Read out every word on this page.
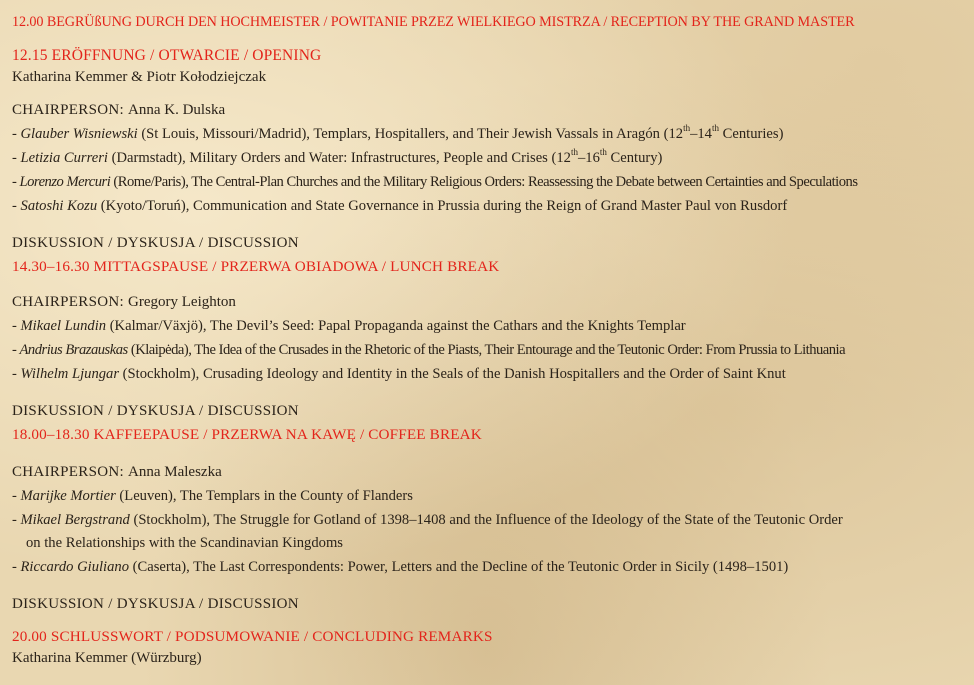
12.00 BEGRÜßUNG DURCH DEN HOCHMEISTER / POWITANIE PRZEZ WIELKIEGO MISTRZA / RECEPTION BY THE GRAND MASTER
12.15 ERÖFFNUNG / OTWARCIE / OPENING
Katharina Kemmer & Piotr Kołodziejczak
CHAIRPERSON: Anna K. Dulska
- Glauber Wisniewski (St Louis, Missouri/Madrid), Templars, Hospitallers, and Their Jewish Vassals in Aragón (12th–14th Centuries)
- Letizia Curreri (Darmstadt), Military Orders and Water: Infrastructures, People and Crises (12th–16th Century)
- Lorenzo Mercuri (Rome/Paris), The Central-Plan Churches and the Military Religious Orders: Reassessing the Debate between Certainties and Speculations
- Satoshi Kozu (Kyoto/Toruń), Communication and State Governance in Prussia during the Reign of Grand Master Paul von Rusdorf
DISKUSSION / DYSKUSJA / DISCUSSION
14.30–16.30 MITTAGSPAUSE / PRZERWA OBIADOWA / LUNCH BREAK
CHAIRPERSON: Gregory Leighton
- Mikael Lundin (Kalmar/Växjö), The Devil’s Seed: Papal Propaganda against the Cathars and the Knights Templar
- Andrius Brazauskas (Klaipėda), The Idea of the Crusades in the Rhetoric of the Piasts, Their Entourage and the Teutonic Order: From Prussia to Lithuania
- Wilhelm Ljungar (Stockholm), Crusading Ideology and Identity in the Seals of the Danish Hospitallers and the Order of Saint Knut
DISKUSSION / DYSKUSJA / DISCUSSION
18.00–18.30 KAFFEEPAUSE / PRZERWA NA KAWĘ / COFFEE BREAK
CHAIRPERSON: Anna Maleszka
- Marijke Mortier (Leuven), The Templars in the County of Flanders
- Mikael Bergstrand (Stockholm), The Struggle for Gotland of 1398–1408 and the Influence of the Ideology of the State of the Teutonic Order
on the Relationships with the Scandinavian Kingdoms
- Riccardo Giuliano (Caserta), The Last Correspondents: Power, Letters and the Decline of the Teutonic Order in Sicily (1498–1501)
DISKUSSION / DYSKUSJA / DISCUSSION
20.00 SCHLUSSWORT / PODSUMOWANIE / CONCLUDING REMARKS
Katharina Kemmer (Würzburg)
